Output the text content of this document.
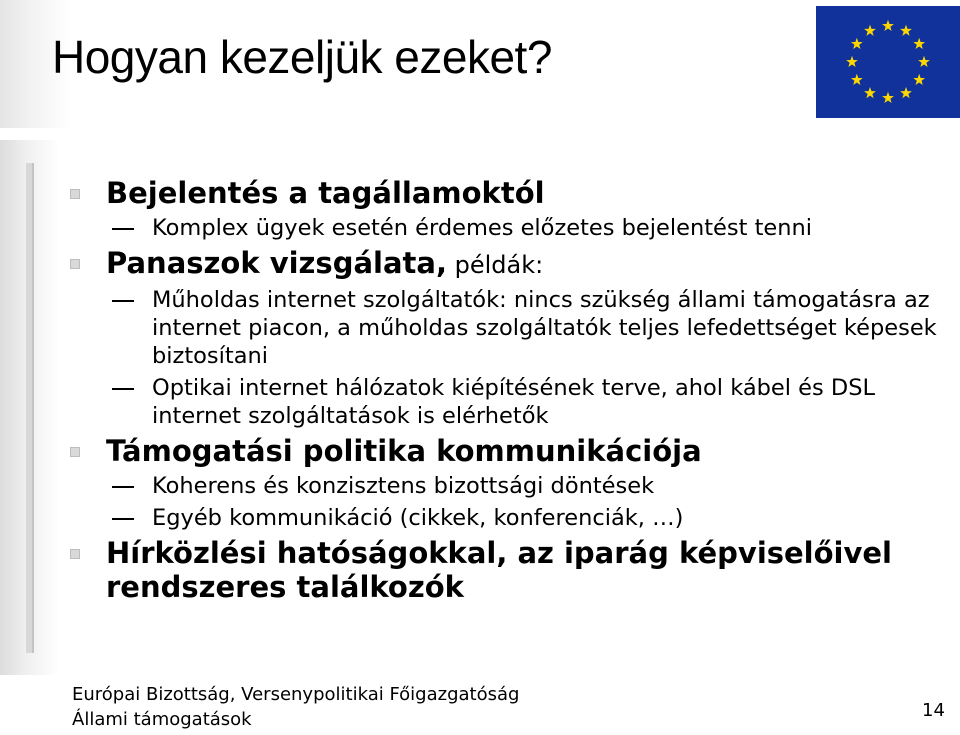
Hogyan kezeljük ezeket?
Bejelentés a tagállamoktól
Komplex ügyek esetén érdemes előzetes bejelentést tenni
Panaszok vizsgálata, példák:
Műholdas internet szolgáltatók: nincs szükség állami támogatásra az internet piacon, a műholdas szolgáltatók teljes lefedettséget képesek biztosítani
Optikai internet hálózatok kiépítésének terve, ahol kábel és DSL internet szolgáltatások is elérhetők
Támogatási politika kommunikációja
Koherens és konzisztens bizottsági döntések
Egyéb kommunikáció (cikkek, konferenciák, …)
Hírközlési hatóságokkal, az iparág képviselőivel rendszeres találkozók
Európai Bizottság, Versenypolitikai Főigazgatóság
Állami támogatások	14
